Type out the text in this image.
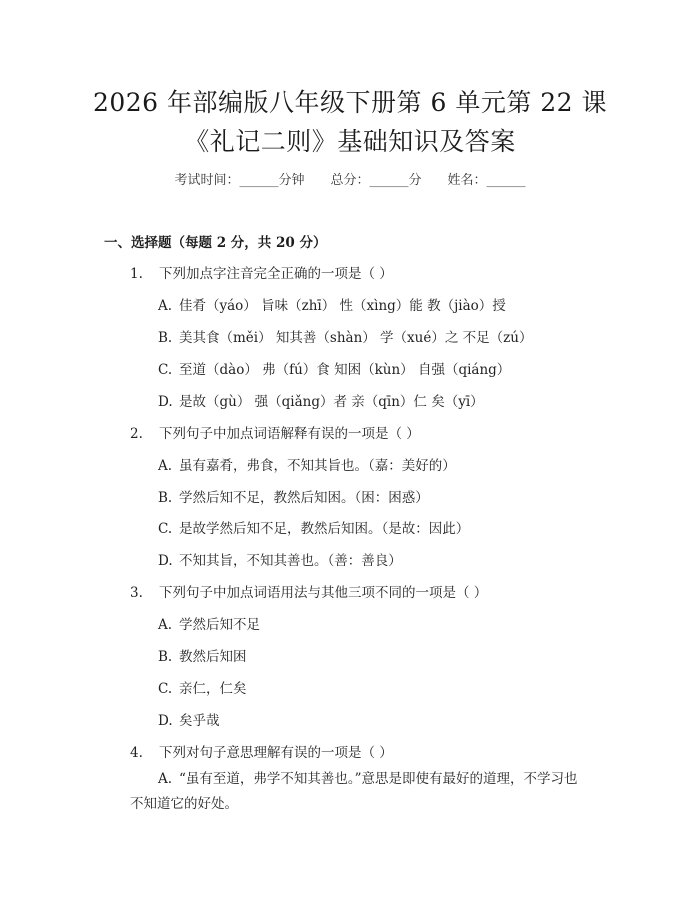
2026 年部编版八年级下册第 6 单元第 22 课
《礼记二则》基础知识及答案
考试时间：______分钟 总分：______分 姓名：______
一、选择题（每题 2 分，共 20 分）
1. 下列加点字注音完全正确的一项是（ ）
A. 佳肴（yáo） 旨味（zhī） 性（xìng）能 教（jiào）授
B. 美其食（měi） 知其善（shàn） 学（xué）之 不足（zú）
C. 至道（dào） 弗（fú）食 知困（kùn） 自强（qiáng）
D. 是故（gù） 强（qiǎng）者 亲（qīn）仁 矣（yī）
2. 下列句子中加点词语解释有误的一项是（ ）
A. 虽有嘉肴，弗食，不知其旨也。（嘉：美好的）
B. 学然后知不足，教然后知困。（困：困惑）
C. 是故学然后知不足，教然后知困。（是故：因此）
D. 不知其旨，不知其善也。（善：善良）
3. 下列句子中加点词语用法与其他三项不同的一项是（ ）
A. 学然后知不足
B. 教然后知困
C. 亲仁，仁矣
D. 矣乎哉
4. 下列对句子意思理解有误的一项是（ ）
A. “虽有至道，弗学不知其善也。”意思是即使有最好的道理，不学习也不知道它的好处。
